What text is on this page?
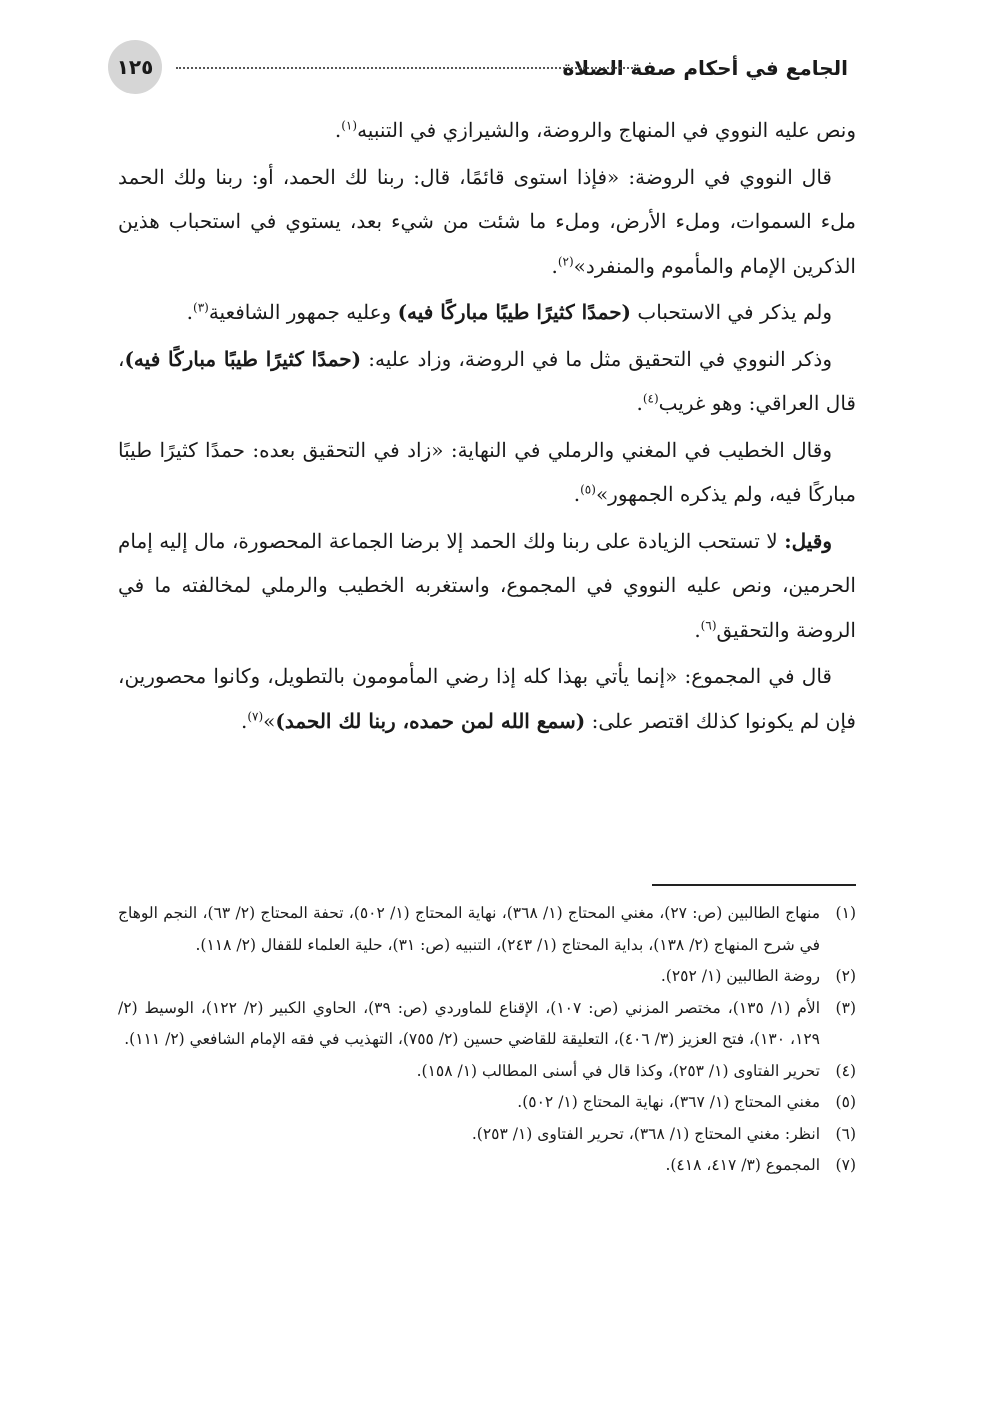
الجامع في أحكام صفة الصلاة
١٢٥

ونص عليه النووي في المنهاج والروضة، والشيرازي في التنبيه$^{(١)}$.

قال النووي في الروضة: «فإذا استوى قائمًا، قال: ربنا لك الحمد، أو: ربنا ولك الحمد ملء السموات، وملء الأرض، وملء ما شئت من شيء بعد، يستوي في استحباب هذين الذكرين الإمام والمأموم والمنفرد»$^{(٢)}$.

ولم يذكر في الاستحباب (حمدًا كثيرًا طيبًا مباركًا فيه) وعليه جمهور الشافعية$^{(٣)}$.

وذكر النووي في التحقيق مثل ما في الروضة، وزاد عليه: (حمدًا كثيرًا طيبًا مباركًا فيه)، قال العراقي: وهو غريب$^{(٤)}$.

وقال الخطيب في المغني والرملي في النهاية: «زاد في التحقيق بعده: حمدًا كثيرًا طيبًا مباركًا فيه، ولم يذكره الجمهور»$^{(٥)}$.

وقيل: لا تستحب الزيادة على ربنا ولك الحمد إلا برضا الجماعة المحصورة، مال إليه إمام الحرمين، ونص عليه النووي في المجموع، واستغربه الخطيب والرملي لمخالفته ما في الروضة والتحقيق$^{(٦)}$.

قال في المجموع: «إنما يأتي بهذا كله إذا رضي المأمومون بالتطويل، وكانوا محصورين، فإن لم يكونوا كذلك اقتصر على: (سمع الله لمن حمده، ربنا لك الحمد)»$^{(٧)}$.

(١)
منهاج الطالبين (ص: ٢٧)، مغني المحتاج (١/ ٣٦٨)، نهاية المحتاج (١/ ٥٠٢)، تحفة المحتاج (٢/ ٦٣)، النجم الوهاج في شرح المنهاج (٢/ ١٣٨)، بداية المحتاج (١/ ٢٤٣)، التنبيه (ص: ٣١)، حلية العلماء للقفال (٢/ ١١٨).
(٢)
روضة الطالبين (١/ ٢٥٢).
(٣)
الأم (١/ ١٣٥)، مختصر المزني (ص: ١٠٧)، الإقناع للماوردي (ص: ٣٩)، الحاوي الكبير (٢/ ١٢٢)، الوسيط (٢/ ١٢٩، ١٣٠)، فتح العزيز (٣/ ٤٠٦)، التعليقة للقاضي حسين (٢/ ٧٥٥)، التهذيب في فقه الإمام الشافعي (٢/ ١١١).
(٤)
تحرير الفتاوى (١/ ٢٥٣)، وكذا قال في أسنى المطالب (١/ ١٥٨).
(٥)
مغني المحتاج (١/ ٣٦٧)، نهاية المحتاج (١/ ٥٠٢).
(٦)
انظر: مغني المحتاج (١/ ٣٦٨)، تحرير الفتاوى (١/ ٢٥٣).
(٧)
المجموع (٣/ ٤١٧، ٤١٨).
